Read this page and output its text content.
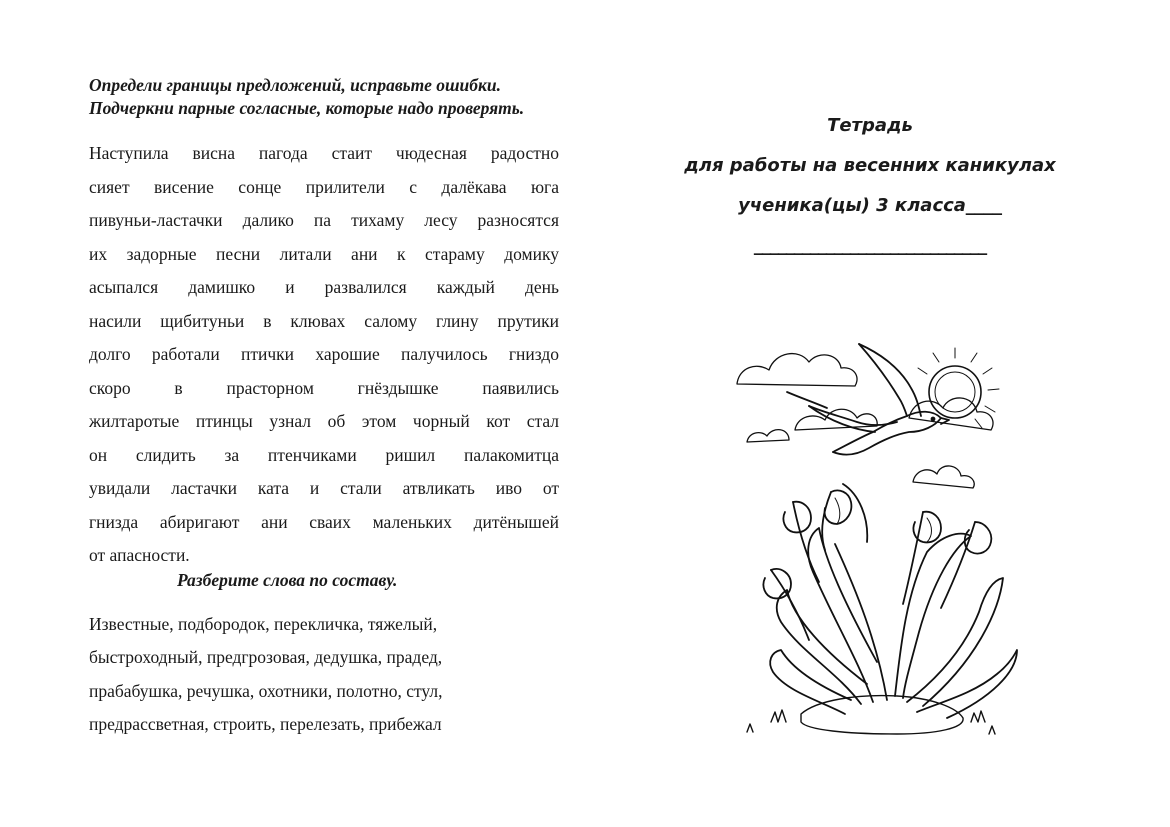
Определи границы предложений, исправьте ошибки. Подчеркни парные согласные, которые надо проверять.

Наступила висна пагода стаит чюдесная радостно
сияет висение сонце прилители с далёкава юга
пивуньи-ластачки далико па тихаму лесу разносятся
их задорные песни литали ани к стараму домику
асыпался дамишко и развалился каждый день
насили щибитуньи в клювах салому глину прутики
долго работали птички харошие палучилось гниздо
скоро в прасторном гнёздышке паявились
жилтаротые птинцы узнал об этом чорный кот стал
он слидить за птенчиками ришил палакомитца
увидали ластачки ката и стали атвликать иво от
гнизда абиригают ани сваих маленьких дитёнышей
от апасности.

Разберите слова по составу.

Известные, подбородок, перекличка, тяжелый,
быстроходный, предгрозовая, дедушка, прадед,
прабабушка, речушка, охотники, полотно, стул,
предрассветная, строить, перелезать, прибежал
Тетрадь
для работы на весенних каникулах
ученика(цы) 3 класса____
_____________________________
